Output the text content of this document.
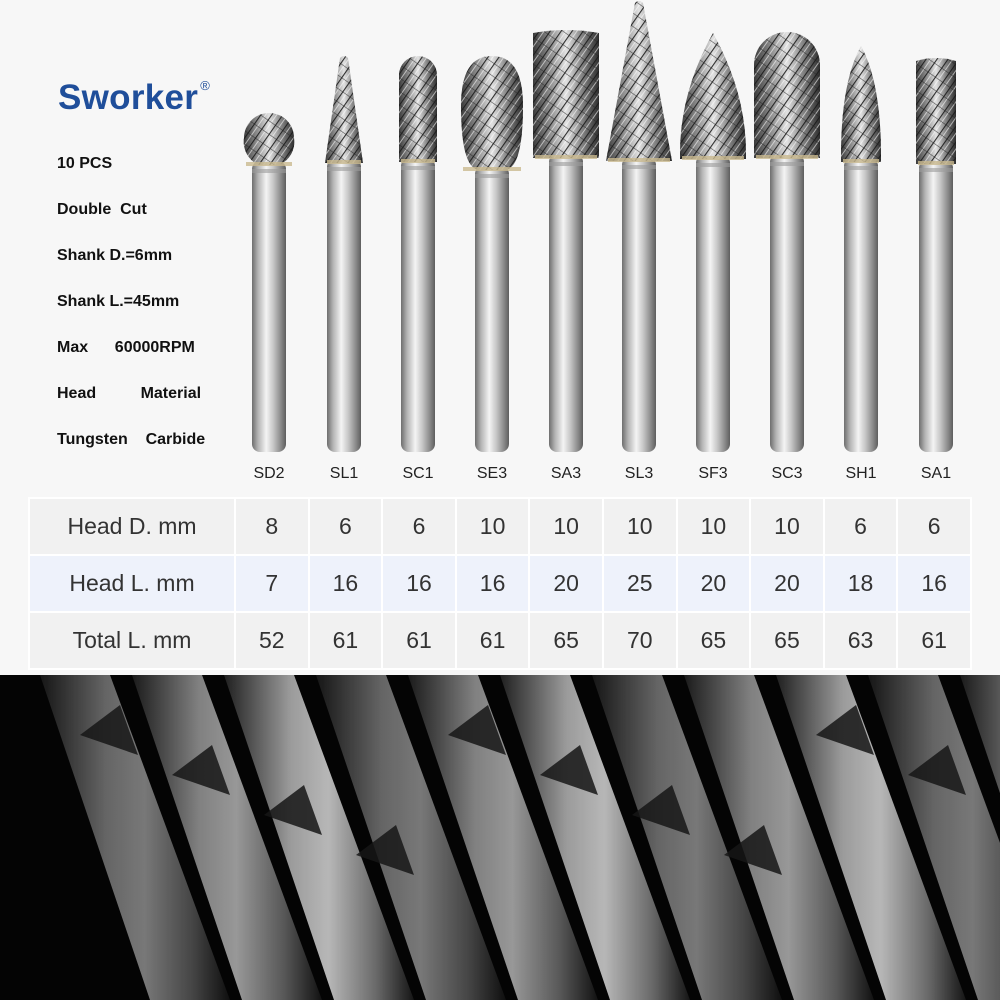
Sworker ®
10 PCS
Double  Cut
Shank D.=6mm
Shank L.=45mm
Max      60000RPM
Head          Material
Tungsten    Carbide
SD2	SL1	SC1	SE3	SA3	SL3	SF3	SC3	SH1	SA1
Head D. mm	8	6	6	10	10	10	10	10	6	6
Head L. mm	7	16	16	16	20	25	20	20	18	16
Total L. mm	52	61	61	61	65	70	65	65	63	61
